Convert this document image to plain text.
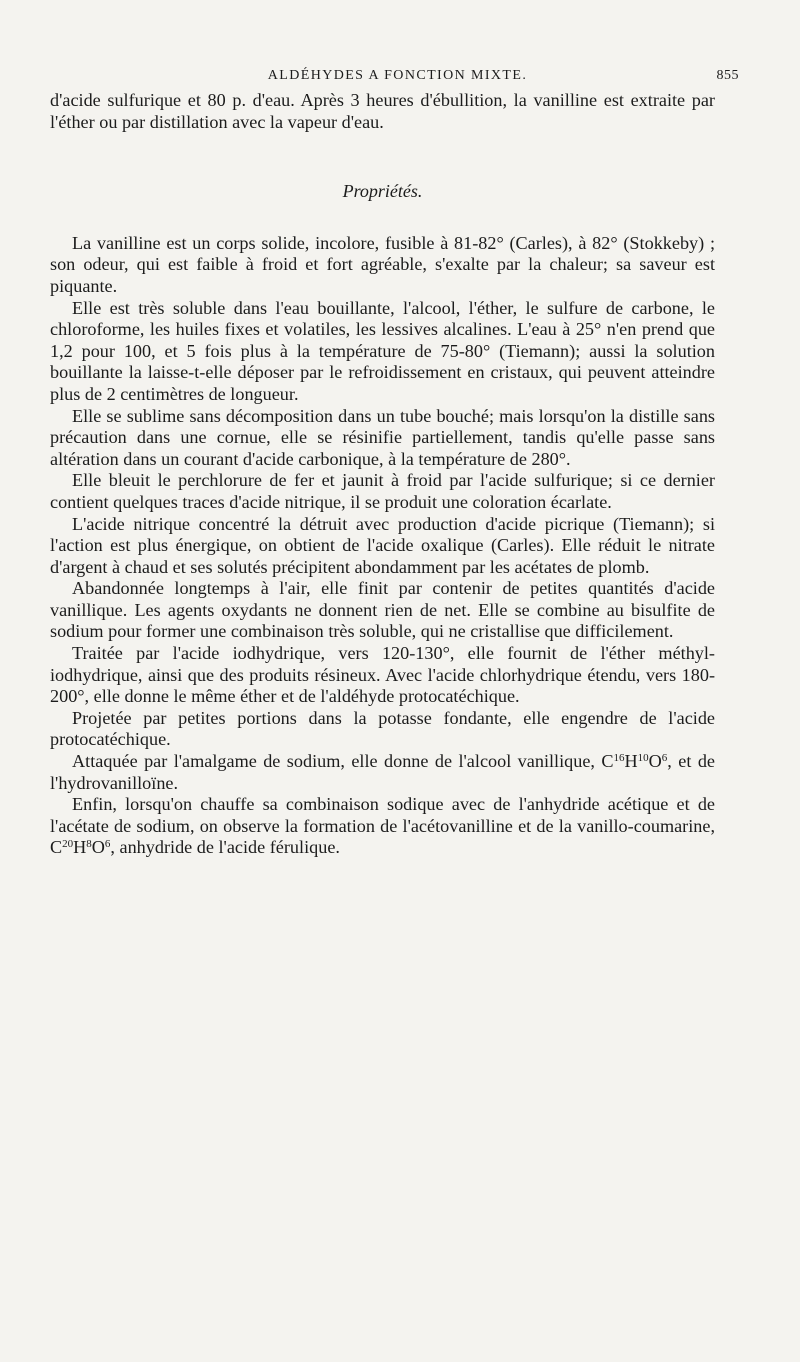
ALDÉHYDES A FONCTION MIXTE.	855

d'acide sulfurique et 80 p. d'eau. Après 3 heures d'ébullition, la vanilline est extraite par l'éther ou par distillation avec la vapeur d'eau.

Propriétés.

La vanilline est un corps solide, incolore, fusible à 81-82° (Carles), à 82° (Stokkeby) ; son odeur, qui est faible à froid et fort agréable, s'exalte par la chaleur; sa saveur est piquante.

Elle est très soluble dans l'eau bouillante, l'alcool, l'éther, le sulfure de carbone, le chloroforme, les huiles fixes et volatiles, les lessives alcalines. L'eau à 25° n'en prend que 1,2 pour 100, et 5 fois plus à la température de 75-80° (Tiemann); aussi la solution bouillante la laisse-t-elle déposer par le refroidissement en cristaux, qui peuvent atteindre plus de 2 centimètres de longueur.

Elle se sublime sans décomposition dans un tube bouché; mais lorsqu'on la distille sans précaution dans une cornue, elle se résinifie partiellement, tandis qu'elle passe sans altération dans un courant d'acide carbonique, à la température de 280°.

Elle bleuit le perchlorure de fer et jaunit à froid par l'acide sulfurique; si ce dernier contient quelques traces d'acide nitrique, il se produit une coloration écarlate.

L'acide nitrique concentré la détruit avec production d'acide picrique (Tiemann); si l'action est plus énergique, on obtient de l'acide oxalique (Carles). Elle réduit le nitrate d'argent à chaud et ses solutés précipitent abondamment par les acétates de plomb.

Abandonnée longtemps à l'air, elle finit par contenir de petites quantités d'acide vanillique. Les agents oxydants ne donnent rien de net. Elle se combine au bisulfite de sodium pour former une combinaison très soluble, qui ne cristallise que difficilement.

Traitée par l'acide iodhydrique, vers 120-130°, elle fournit de l'éther méthyl-iodhydrique, ainsi que des produits résineux. Avec l'acide chlorhydrique étendu, vers 180-200°, elle donne le même éther et de l'aldéhyde protocatéchique.

Projetée par petites portions dans la potasse fondante, elle engendre de l'acide protocatéchique.

Attaquée par l'amalgame de sodium, elle donne de l'alcool vanillique, $C^{16}H^{10}O^6$, et de l'hydrovanilloïne.

Enfin, lorsqu'on chauffe sa combinaison sodique avec de l'anhydride acétique et de l'acétate de sodium, on observe la formation de l'acétovanilline et de la vanillo-coumarine, $C^{20}H^8O^6$, anhydride de l'acide férulique.
